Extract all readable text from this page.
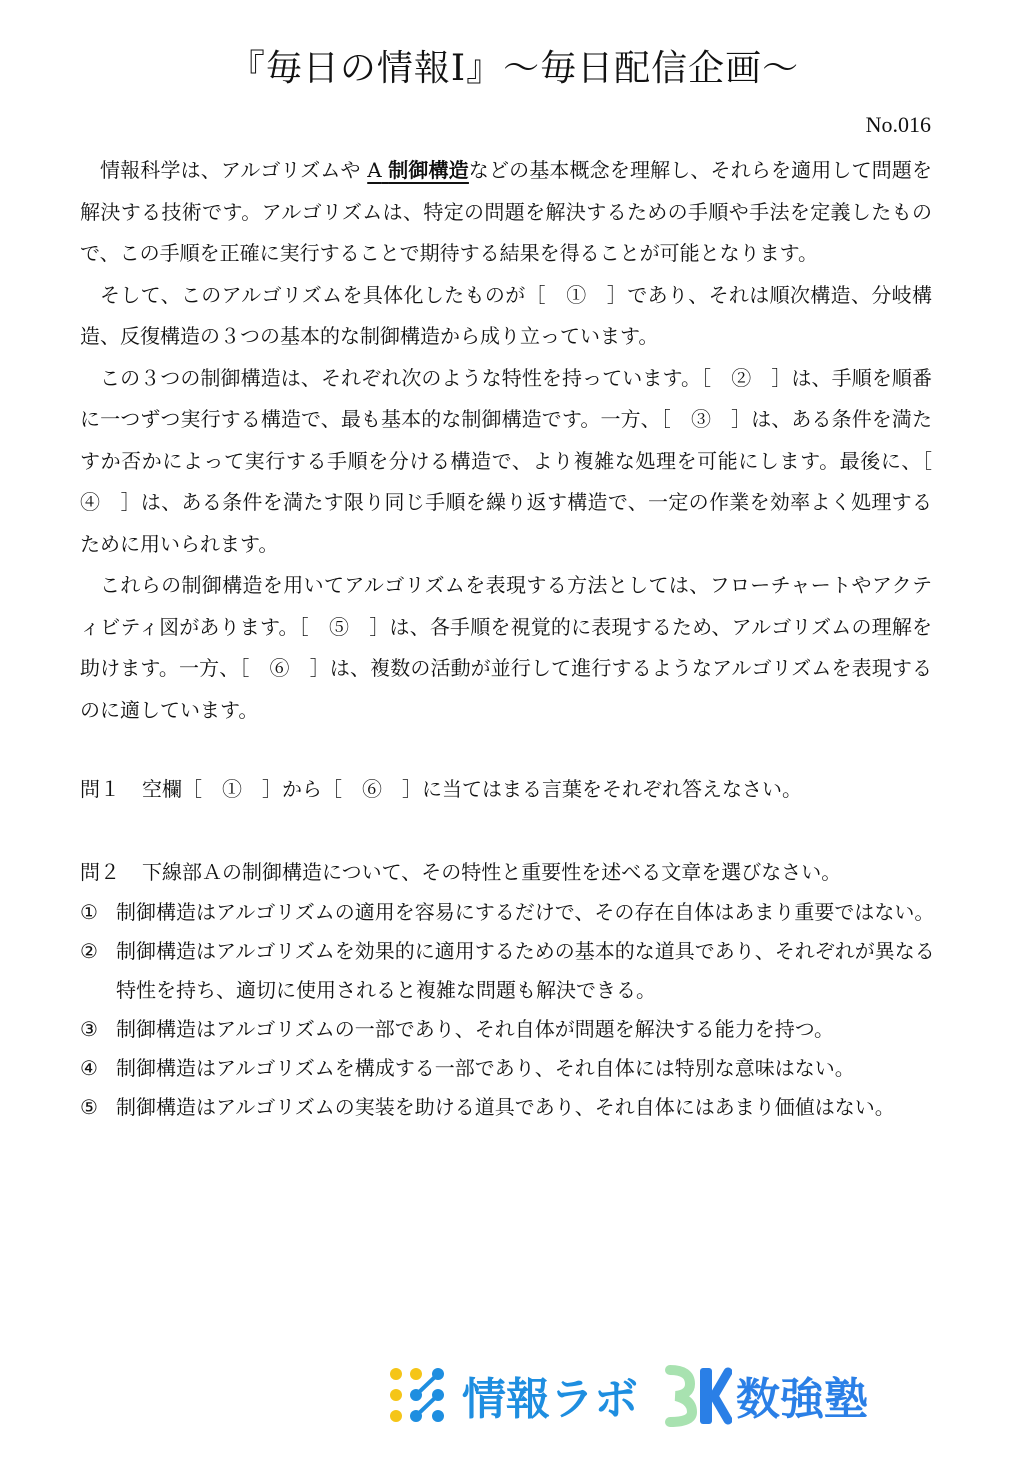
『毎日の情報Ⅰ』〜毎日配信企画〜
No.016

情報科学は、アルゴリズムや A 制御構造などの基本概念を理解し、それらを適用して問題を解決する技術です。アルゴリズムは、特定の問題を解決するための手順や手法を定義したもので、この手順を正確に実行することで期待する結果を得ることが可能となります。

そして、このアルゴリズムを具体化したものが［　①　］であり、それは順次構造、分岐構造、反復構造の３つの基本的な制御構造から成り立っています。

この３つの制御構造は、それぞれ次のような特性を持っています。［　②　］は、手順を順番に一つずつ実行する構造で、最も基本的な制御構造です。一方、［　③　］は、ある条件を満たすか否かによって実行する手順を分ける構造で、より複雑な処理を可能にします。最後に、［　④　］は、ある条件を満たす限り同じ手順を繰り返す構造で、一定の作業を効率よく処理するために用いられます。

これらの制御構造を用いてアルゴリズムを表現する方法としては、フローチャートやアクティビティ図があります。［　⑤　］は、各手順を視覚的に表現するため、アルゴリズムの理解を助けます。一方、［　⑥　］は、複数の活動が並行して進行するようなアルゴリズムを表現するのに適しています。

問１ 空欄［　①　］から［　⑥　］に当てはまる言葉をそれぞれ答えなさい。
問２ 下線部Ａの制御構造について、その特性と重要性を述べる文章を選びなさい。
① 制御構造はアルゴリズムの適用を容易にするだけで、その存在自体はあまり重要ではない。
② 制御構造はアルゴリズムを効果的に適用するための基本的な道具であり、それぞれが異なる特性を持ち、適切に使用されると複雑な問題も解決できる。
③ 制御構造はアルゴリズムの一部であり、それ自体が問題を解決する能力を持つ。
④ 制御構造はアルゴリズムを構成する一部であり、それ自体には特別な意味はない。
⑤ 制御構造はアルゴリズムの実装を助ける道具であり、それ自体にはあまり価値はない。
情報ラボ 数強塾
